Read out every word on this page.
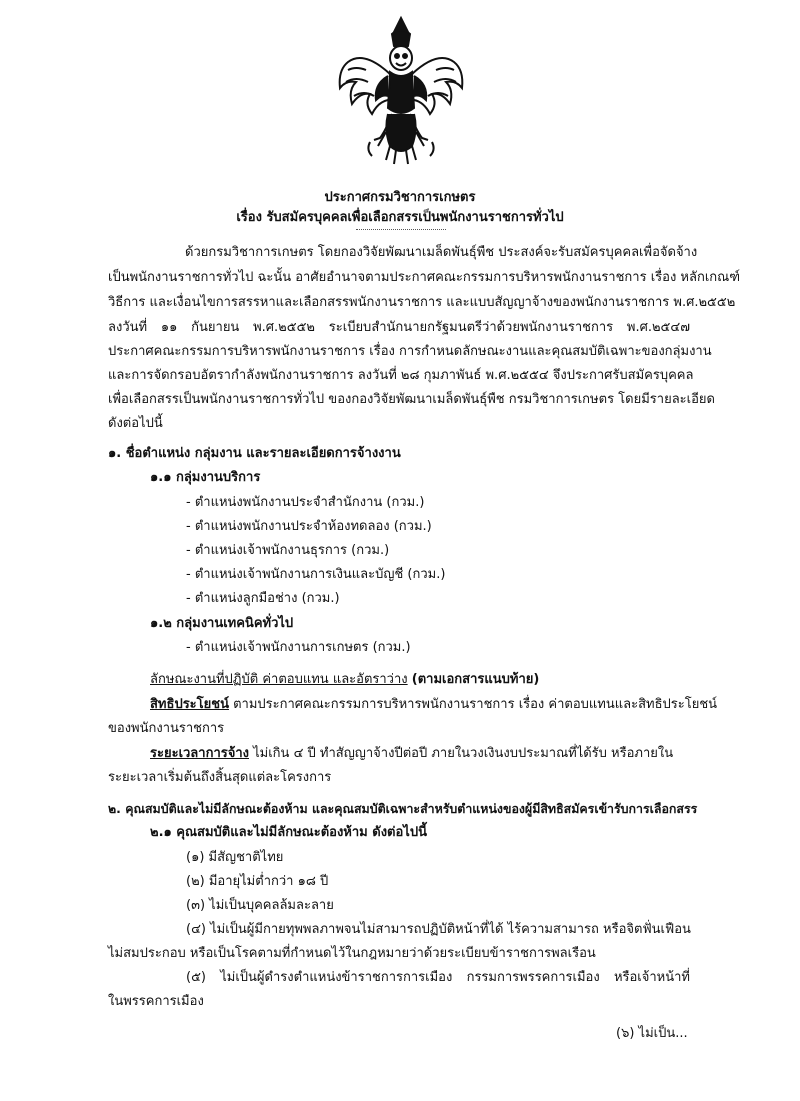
ประกาศกรมวิชาการเกษตร
เรื่อง รับสมัครบุคคลเพื่อเลือกสรรเป็นพนักงานราชการทั่วไป
ด้วยกรมวิชาการเกษตร โดยกองวิจัยพัฒนาเมล็ดพันธุ์พืช ประสงค์จะรับสมัครบุคคลเพื่อจัดจ้าง
เป็นพนักงานราชการทั่วไป ฉะนั้น อาศัยอำนาจตามประกาศคณะกรรมการบริหารพนักงานราชการ เรื่อง หลักเกณฑ์
วิธีการ และเงื่อนไขการสรรหาและเลือกสรรพนักงานราชการ และแบบสัญญาจ้างของพนักงานราชการ พ.ศ.๒๕๕๒
ลงวันที่ ๑๑ กันยายน พ.ศ.๒๕๕๒ ระเบียบสำนักนายกรัฐมนตรีว่าด้วยพนักงานราชการ พ.ศ.๒๕๔๗
ประกาศคณะกรรมการบริหารพนักงานราชการ เรื่อง การกำหนดลักษณะงานและคุณสมบัติเฉพาะของกลุ่มงาน
และการจัดกรอบอัตรากำลังพนักงานราชการ ลงวันที่ ๒๘ กุมภาพันธ์ พ.ศ.๒๕๕๔ จึงประกาศรับสมัครบุคคล
เพื่อเลือกสรรเป็นพนักงานราชการทั่วไป ของกองวิจัยพัฒนาเมล็ดพันธุ์พืช กรมวิชาการเกษตร โดยมีรายละเอียด
ดังต่อไปนี้
๑. ชื่อตำแหน่ง กลุ่มงาน และรายละเอียดการจ้างงาน
๑.๑ กลุ่มงานบริการ
- ตำแหน่งพนักงานประจำสำนักงาน (กวม.)
- ตำแหน่งพนักงานประจำห้องทดลอง (กวม.)
- ตำแหน่งเจ้าพนักงานธุรการ (กวม.)
- ตำแหน่งเจ้าพนักงานการเงินและบัญชี (กวม.)
- ตำแหน่งลูกมือช่าง (กวม.)
๑.๒ กลุ่มงานเทคนิคทั่วไป
- ตำแหน่งเจ้าพนักงานการเกษตร (กวม.)
ลักษณะงานที่ปฏิบัติ ค่าตอบแทน และอัตราว่าง (ตามเอกสารแนบท้าย)
สิทธิประโยชน์ ตามประกาศคณะกรรมการบริหารพนักงานราชการ เรื่อง ค่าตอบแทนและสิทธิประโยชน์
ของพนักงานราชการ
ระยะเวลาการจ้าง ไม่เกิน ๔ ปี ทำสัญญาจ้างปีต่อปี ภายในวงเงินงบประมาณที่ได้รับ หรือภายใน
ระยะเวลาเริ่มต้นถึงสิ้นสุดแต่ละโครงการ
๒. คุณสมบัติและไม่มีลักษณะต้องห้าม และคุณสมบัติเฉพาะสำหรับตำแหน่งของผู้มีสิทธิสมัครเข้ารับการเลือกสรร
๒.๑ คุณสมบัติและไม่มีลักษณะต้องห้าม ดังต่อไปนี้
(๑) มีสัญชาติไทย
(๒) มีอายุไม่ต่ำกว่า ๑๘ ปี
(๓) ไม่เป็นบุคคลล้มละลาย
(๔) ไม่เป็นผู้มีกายทุพพลภาพจนไม่สามารถปฏิบัติหน้าที่ได้ ไร้ความสามารถ หรือจิตฟั่นเฟือน
ไม่สมประกอบ หรือเป็นโรคตามที่กำหนดไว้ในกฎหมายว่าด้วยระเบียบข้าราชการพลเรือน
(๕) ไม่เป็นผู้ดำรงตำแหน่งข้าราชการการเมือง กรรมการพรรคการเมือง หรือเจ้าหน้าที่
ในพรรคการเมือง
(๖) ไม่เป็น...
